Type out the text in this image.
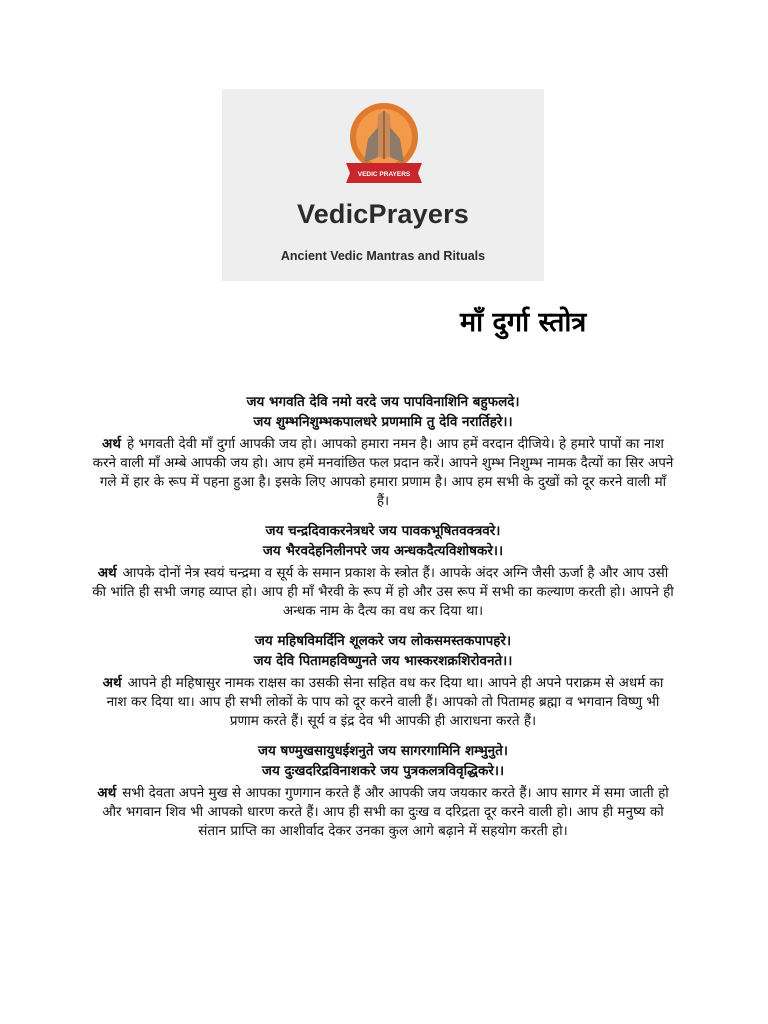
VEDIC PRAYERS
VedicPrayers
Ancient Vedic Mantras and Rituals
माँ दुर्गा स्तोत्र

जय भगवति देवि नमो वरदे जय पापविनाशिनि बहुफलदे।

जय शुम्भनिशुम्भकपालधरे प्रणमामि तु देवि नरार्तिहरे।।

अर्थ हे भगवती देवी माँ दुर्गा आपकी जय हो। आपको हमारा नमन है। आप हमें वरदान दीजिये। हे हमारे पापों का नाश करने वाली माँ अम्बे आपकी जय हो। आप हमें मनवांछित फल प्रदान करें। आपने शुम्भ निशुम्भ नामक दैत्यों का सिर अपने गले में हार के रूप में पहना हुआ है। इसके लिए आपको हमारा प्रणाम है। आप हम सभी के दुखों को दूर करने वाली माँ हैं।

जय चन्द्रदिवाकरनेत्रधरे जय पावकभूषितवक्त्रवरे।

जय भैरवदेहनिलीनपरे जय अन्धकदैत्यविशोषकरे।।

अर्थ आपके दोनों नेत्र स्वयं चन्द्रमा व सूर्य के समान प्रकाश के स्त्रोत हैं। आपके अंदर अग्नि जैसी ऊर्जा है और आप उसी की भांति ही सभी जगह व्याप्त हो। आप ही माँ भैरवी के रूप में हो और उस रूप में सभी का कल्याण करती हो। आपने ही अन्धक नाम के दैत्य का वध कर दिया था।

जय महिषविमर्दिनि शूलकरे जय लोकसमस्तकपापहरे।

जय देवि पितामहविष्णुनते जय भास्करशक्रशिरोवनते।।

अर्थ आपने ही महिषासुर नामक राक्षस का उसकी सेना सहित वध कर दिया था। आपने ही अपने पराक्रम से अधर्म का नाश कर दिया था। आप ही सभी लोकों के पाप को दूर करने वाली हैं। आपको तो पितामह ब्रह्मा व भगवान विष्णु भी प्रणाम करते हैं। सूर्य व इंद्र देव भी आपकी ही आराधना करते हैं।

जय षण्मुखसायुधईशनुते जय सागरगामिनि शम्भुनुते।

जय दुःखदरिद्रविनाशकरे जय पुत्रकलत्रविवृद्धिकरे।।

अर्थ सभी देवता अपने मुख से आपका गुणगान करते हैं और आपकी जय जयकार करते हैं। आप सागर में समा जाती हो और भगवान शिव भी आपको धारण करते हैं। आप ही सभी का दुःख व दरिद्रता दूर करने वाली हो। आप ही मनुष्य को संतान प्राप्ति का आशीर्वाद देकर उनका कुल आगे बढ़ाने में सहयोग करती हो।
